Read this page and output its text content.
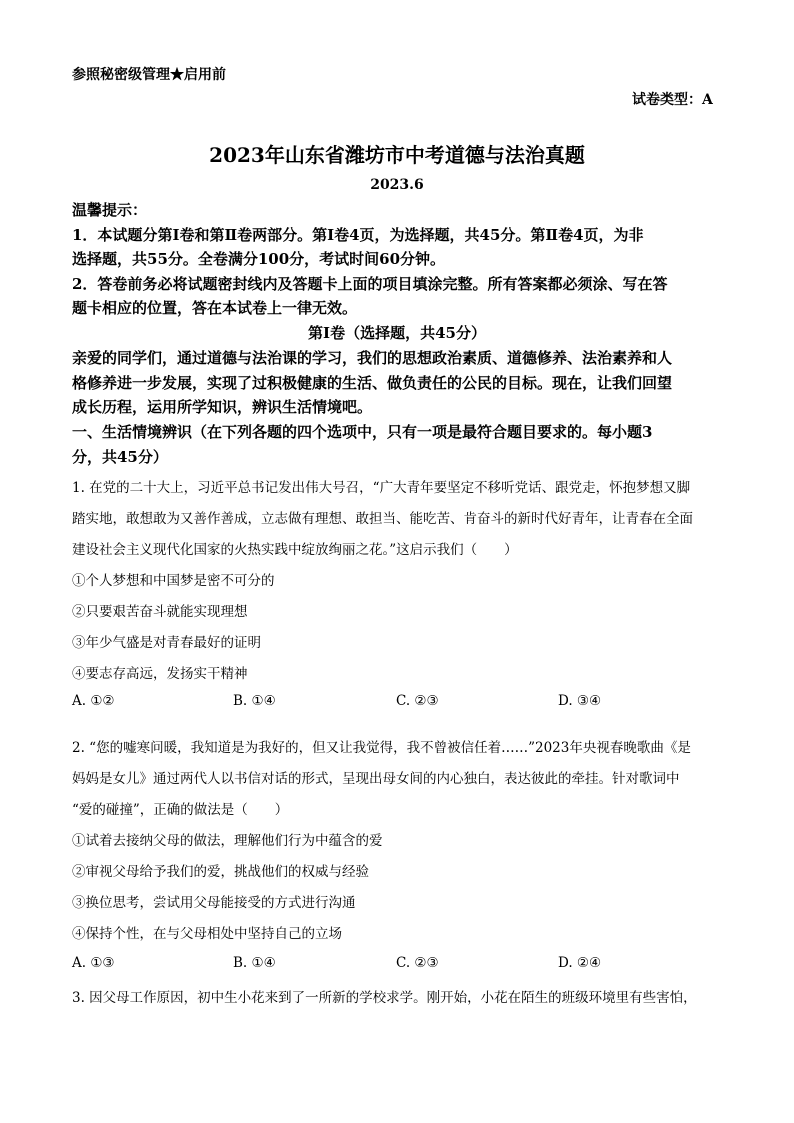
参照秘密级管理★启用前
试卷类型：A
2023年山东省潍坊市中考道德与法治真题
2023.6
温馨提示：
1．本试题分第Ⅰ卷和第Ⅱ卷两部分。第Ⅰ卷4页，为选择题，共45分。第Ⅱ卷4页，为非
选择题，共55分。全卷满分100分，考试时间60分钟。
2．答卷前务必将试题密封线内及答题卡上面的项目填涂完整。所有答案都必须涂、写在答
题卡相应的位置，答在本试卷上一律无效。
第Ⅰ卷（选择题，共45分）
亲爱的同学们，通过道德与法治课的学习，我们的思想政治素质、道德修养、法治素养和人
格修养进一步发展，实现了过积极健康的生活、做负责任的公民的目标。现在，让我们回望
成长历程，运用所学知识，辨识生活情境吧。
一、生活情境辨识（在下列各题的四个选项中，只有一项是最符合题目要求的。每小题3
分，共45分）
1. 在党的二十大上，习近平总书记发出伟大号召，“广大青年要坚定不移听党话、跟党走，怀抱梦想又脚
踏实地，敢想敢为又善作善成，立志做有理想、敢担当、能吃苦、肯奋斗的新时代好青年，让青春在全面
建设社会主义现代化国家的火热实践中绽放绚丽之花。”这启示我们（　　）
①个人梦想和中国梦是密不可分的
②只要艰苦奋斗就能实现理想
③年少气盛是对青春最好的证明
④要志存高远，发扬实干精神
A. ①②	B. ①④	C. ②③	D. ③④
2. “您的嘘寒问暖，我知道是为我好的，但又让我觉得，我不曾被信任着……”2023年央视春晚歌曲《是
妈妈是女儿》通过两代人以书信对话的形式，呈现出母女间的内心独白，表达彼此的牵挂。针对歌词中
“爱的碰撞”，正确的做法是（　　）
①试着去接纳父母的做法，理解他们行为中蕴含的爱
②审视父母给予我们的爱，挑战他们的权威与经验
③换位思考，尝试用父母能接受的方式进行沟通
④保持个性，在与父母相处中坚持自己的立场
A. ①③	B. ①④	C. ②③	D. ②④
3. 因父母工作原因，初中生小花来到了一所新的学校求学。刚开始，小花在陌生的班级环境里有些害怕，
